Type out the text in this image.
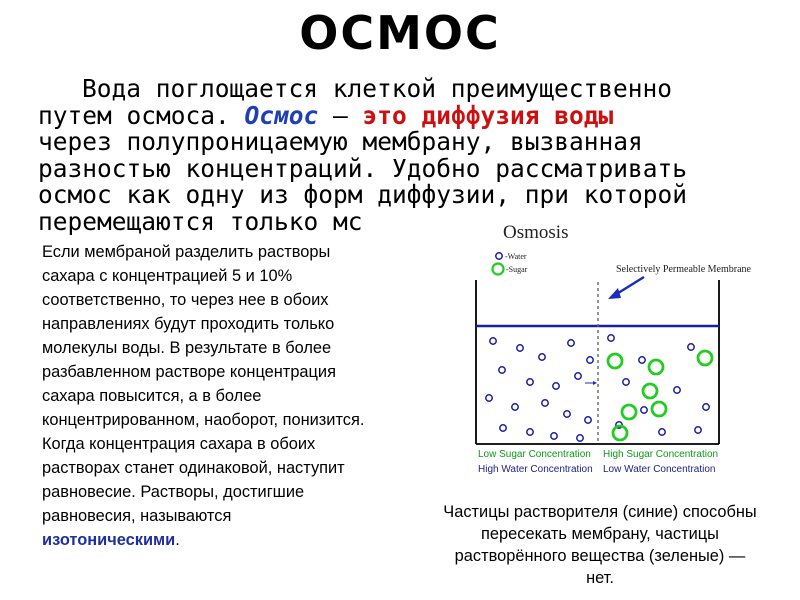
ОСМОС
Вода поглощается клеткой преимущественно
путем осмоса. Осмос — это диффузия воды
через полупроницаемую мембрану, вызванная
разностью концентраций. Удобно рассматривать
осмос как одну из форм диффузии, при которой
перемещаются только мс
Если мембраной разделить растворы
сахара с концентрацией 5 и 10%
соответственно, то через нее в обоих
направлениях будут проходить только
молекулы воды. В результате в более
разбавленном растворе концентрация
сахара повысится, а в более
концентрированном, наоборот, понизится.
Когда концентрация сахара в обоих
растворах станет одинаковой, наступит
равновесие. Растворы, достигшие
равновесия, называются
изотоническими.
Osmosis
-Water
-Sugar	Selectively Permeable Membrane
Low Sugar Concentration
High Water Concentration
High Sugar Concentration
Low Water Concentration
Частицы растворителя (синие) способны
пересекать мембрану, частицы
растворённого вещества (зеленые) —
нет.
